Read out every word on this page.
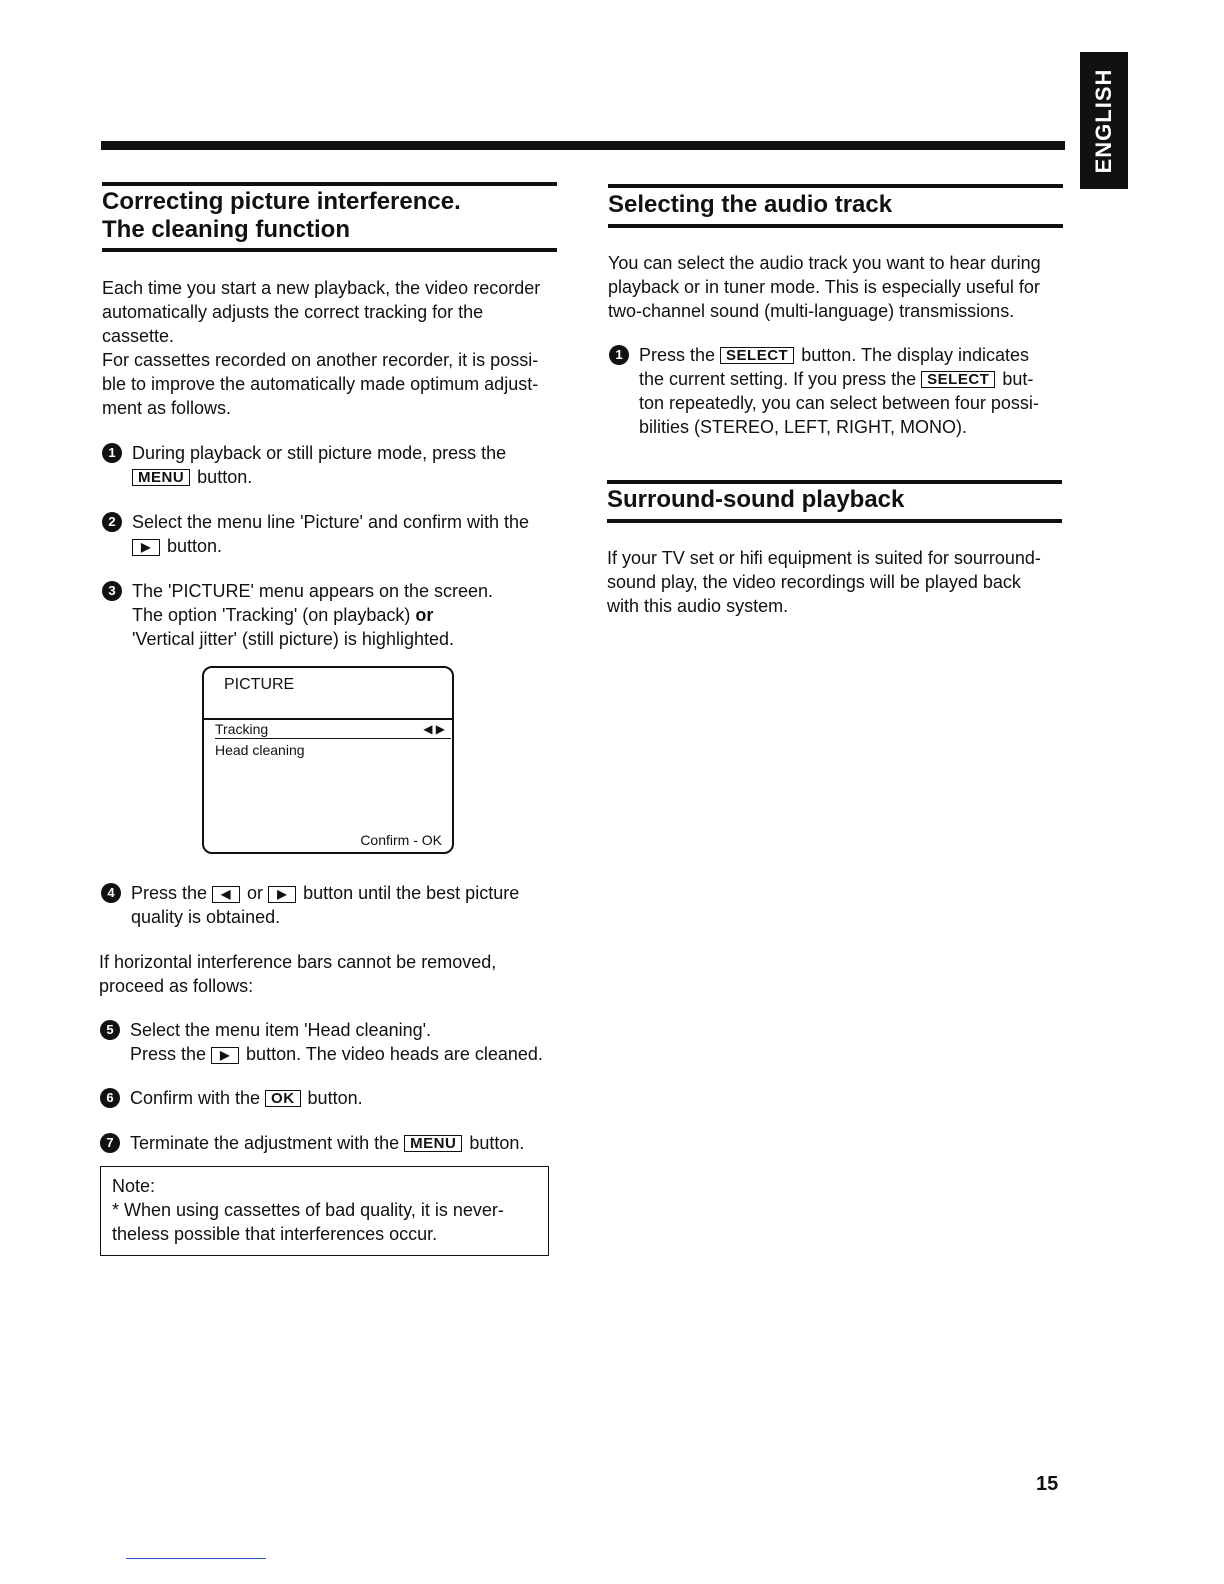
ENGLISH
Correcting picture interference.
The cleaning function
Each time you start a new playback, the video recorder
automatically adjusts the correct tracking for the
cassette.
For cassettes recorded on another recorder, it is possi-
ble to improve the automatically made optimum adjust-
ment as follows.
1 During playback or still picture mode, press the
MENU button.
2 Select the menu line 'Picture' and confirm with the
▶ button.
3 The 'PICTURE' menu appears on the screen.
The option 'Tracking' (on playback) or
'Vertical jitter' (still picture) is highlighted.
PICTURE
Tracking	◀ ▶
Head cleaning
Confirm - OK
4 Press the ◀ or ▶ button until the best picture
quality is obtained.
If horizontal interference bars cannot be removed,
proceed as follows:
5 Select the menu item 'Head cleaning'.
Press the ▶ button. The video heads are cleaned.
6 Confirm with the OK button.
7 Terminate the adjustment with the MENU button.
Note:
* When using cassettes of bad quality, it is never-
theless possible that interferences occur.
Selecting the audio track
You can select the audio track you want to hear during
playback or in tuner mode. This is especially useful for
two-channel sound (multi-language) transmissions.
1 Press the SELECT button. The display indicates
the current setting. If you press the SELECT but-
ton repeatedly, you can select between four possi-
bilities (STEREO, LEFT, RIGHT, MONO).
Surround-sound playback
If your TV set or hifi equipment is suited for sourround-
sound play, the video recordings will be played back
with this audio system.
15
